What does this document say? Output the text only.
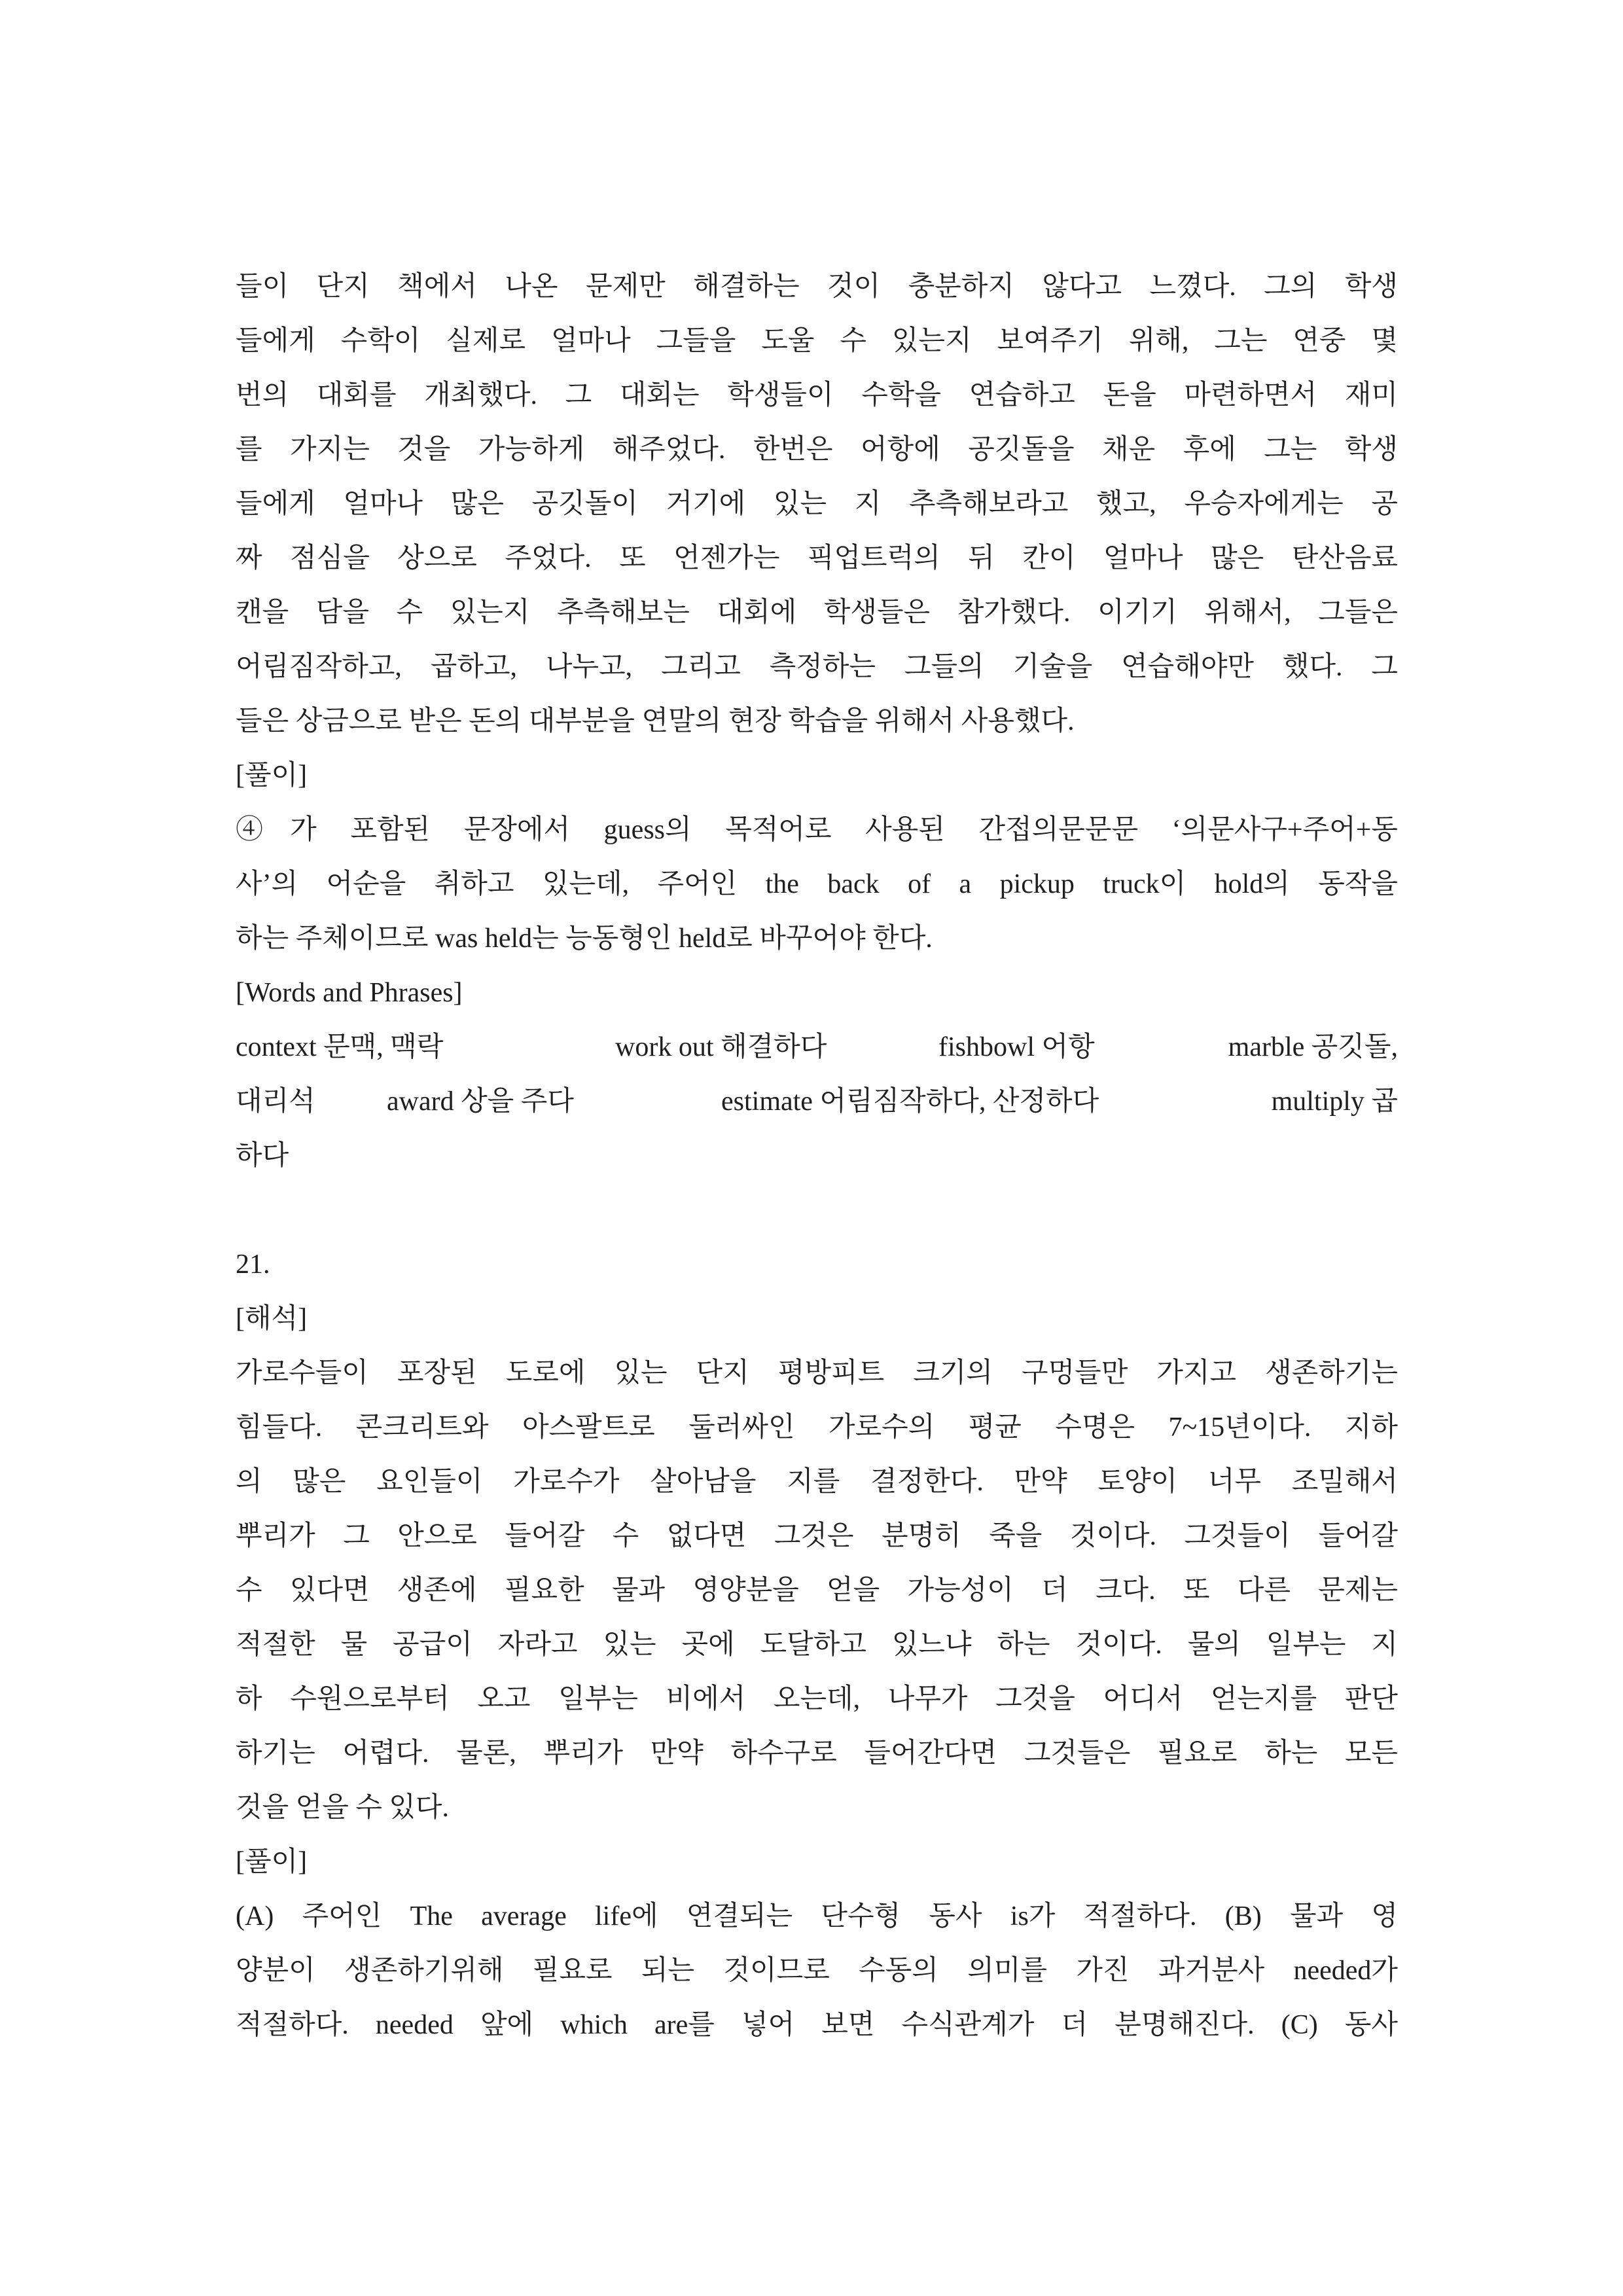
들이 단지 책에서 나온 문제만 해결하는 것이 충분하지 않다고 느꼈다. 그의 학생
들에게 수학이 실제로 얼마나 그들을 도울 수 있는지 보여주기 위해, 그는 연중 몇
번의 대회를 개최했다. 그 대회는 학생들이 수학을 연습하고 돈을 마련하면서 재미
를 가지는 것을 가능하게 해주었다. 한번은 어항에 공깃돌을 채운 후에 그는 학생
들에게 얼마나 많은 공깃돌이 거기에 있는 지 추측해보라고 했고, 우승자에게는 공
짜 점심을 상으로 주었다. 또 언젠가는 픽업트럭의 뒤 칸이 얼마나 많은 탄산음료
캔을 담을 수 있는지 추측해보는 대회에 학생들은 참가했다. 이기기 위해서, 그들은
어림짐작하고, 곱하고, 나누고, 그리고 측정하는 그들의 기술을 연습해야만 했다. 그
들은 상금으로 받은 돈의 대부분을 연말의 현장 학습을 위해서 사용했다.
[풀이]
④가 포함된 문장에서 guess의 목적어로 사용된 간접의문문문 ‘의문사구+주어+동
사’의 어순을 취하고 있는데, 주어인 the back of a pickup truck이 hold의 동작을
하는 주체이므로 was held는 능동형인 held로 바꾸어야 한다.
[Words and Phrases]
context 문맥, 맥락	work out 해결하다	fishbowl 어항	marble 공깃돌,
대리석	award 상을 주다	estimate 어림짐작하다, 산정하다	multiply 곱
하다
21.
[해석]
가로수들이 포장된 도로에 있는 단지 평방피트 크기의 구멍들만 가지고 생존하기는
힘들다. 콘크리트와 아스팔트로 둘러싸인 가로수의 평균 수명은 7~15년이다. 지하
의 많은 요인들이 가로수가 살아남을 지를 결정한다. 만약 토양이 너무 조밀해서
뿌리가 그 안으로 들어갈 수 없다면 그것은 분명히 죽을 것이다. 그것들이 들어갈
수 있다면 생존에 필요한 물과 영양분을 얻을 가능성이 더 크다. 또 다른 문제는
적절한 물 공급이 자라고 있는 곳에 도달하고 있느냐 하는 것이다. 물의 일부는 지
하 수원으로부터 오고 일부는 비에서 오는데, 나무가 그것을 어디서 얻는지를 판단
하기는 어렵다. 물론, 뿌리가 만약 하수구로 들어간다면 그것들은 필요로 하는 모든
것을 얻을 수 있다.
[풀이]
(A) 주어인 The average life에 연결되는 단수형 동사 is가 적절하다. (B) 물과 영
양분이 생존하기위해 필요로 되는 것이므로 수동의 의미를 가진 과거분사 needed가
적절하다. needed 앞에 which are를 넣어 보면 수식관계가 더 분명해진다. (C) 동사
